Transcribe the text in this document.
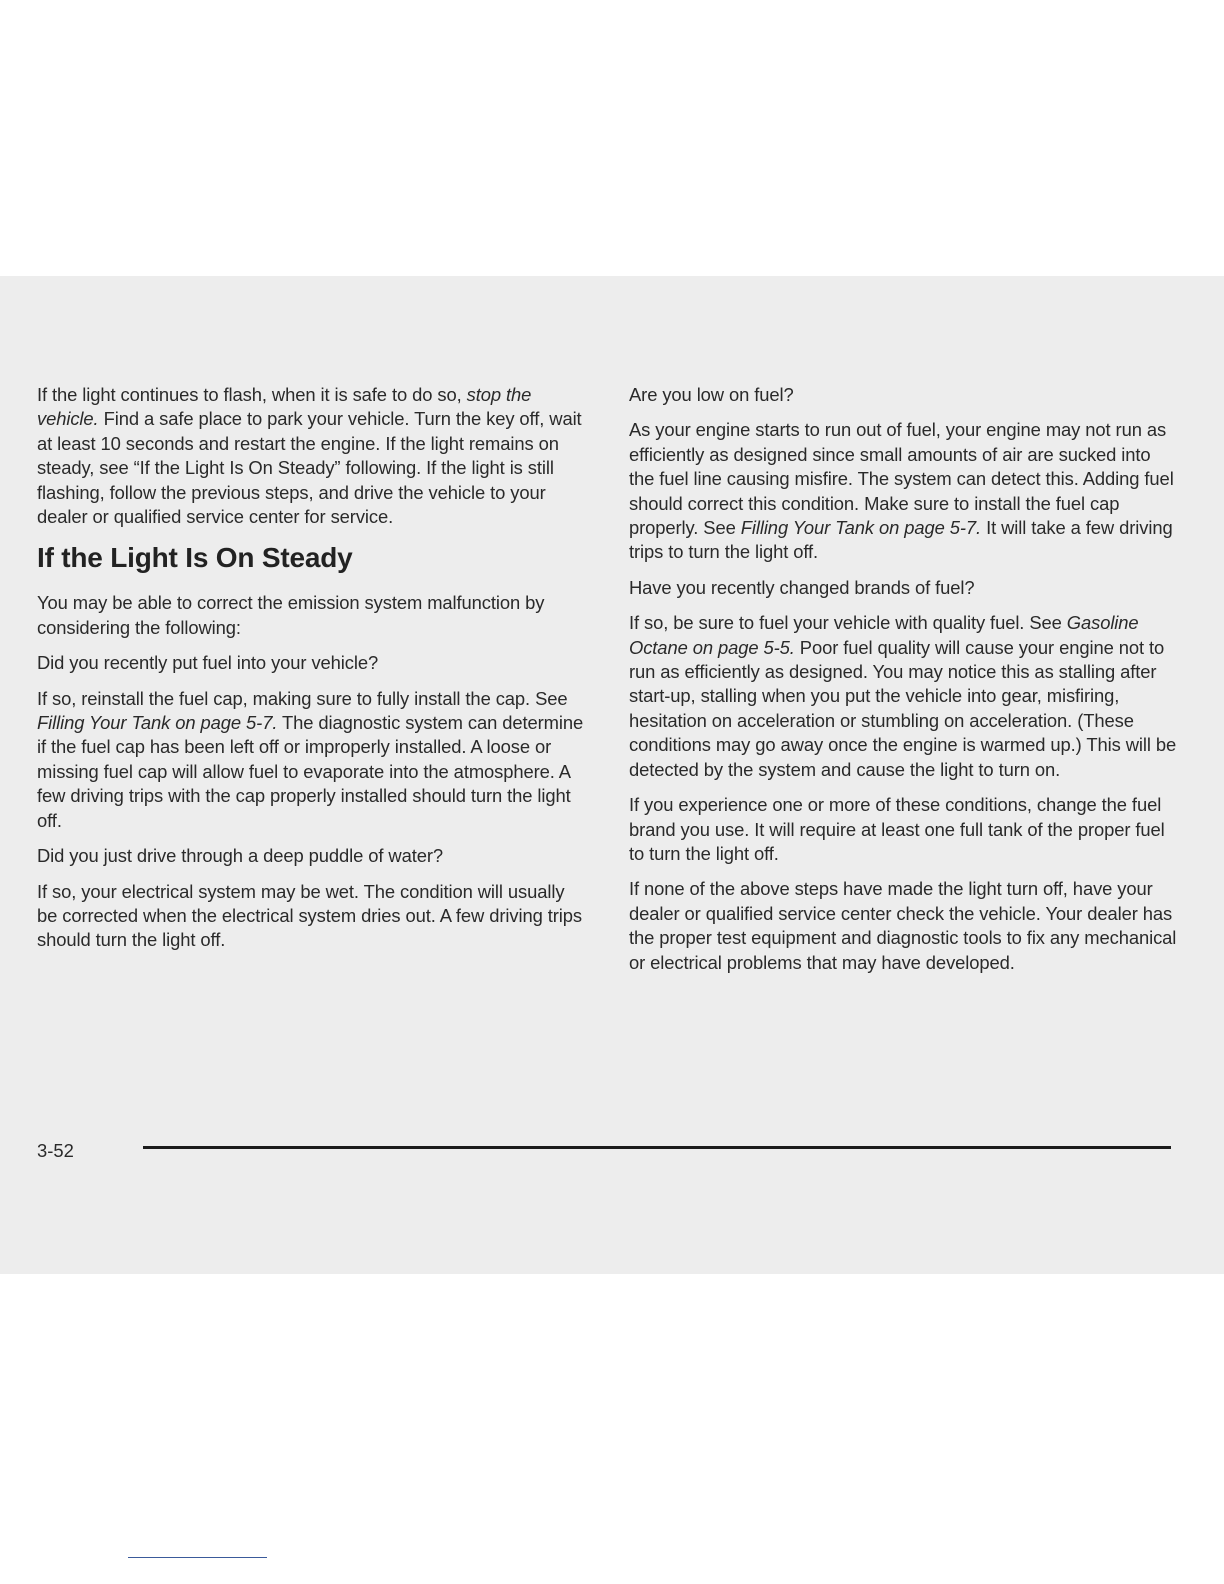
If the light continues to flash, when it is safe to do so, stop the vehicle. Find a safe place to park your vehicle. Turn the key off, wait at least 10 seconds and restart the engine. If the light remains on steady, see “If the Light Is On Steady” following. If the light is still flashing, follow the previous steps, and drive the vehicle to your dealer or qualified service center for service.

If the Light Is On Steady

You may be able to correct the emission system malfunction by considering the following:

Did you recently put fuel into your vehicle?

If so, reinstall the fuel cap, making sure to fully install the cap. See Filling Your Tank on page 5-7. The diagnostic system can determine if the fuel cap has been left off or improperly installed. A loose or missing fuel cap will allow fuel to evaporate into the atmosphere. A few driving trips with the cap properly installed should turn the light off.

Did you just drive through a deep puddle of water?

If so, your electrical system may be wet. The condition will usually be corrected when the electrical system dries out. A few driving trips should turn the light off.

Are you low on fuel?

As your engine starts to run out of fuel, your engine may not run as efficiently as designed since small amounts of air are sucked into the fuel line causing misfire. The system can detect this. Adding fuel should correct this condition. Make sure to install the fuel cap properly. See Filling Your Tank on page 5-7. It will take a few driving trips to turn the light off.

Have you recently changed brands of fuel?

If so, be sure to fuel your vehicle with quality fuel. See Gasoline Octane on page 5-5. Poor fuel quality will cause your engine not to run as efficiently as designed. You may notice this as stalling after start-up, stalling when you put the vehicle into gear, misfiring, hesitation on acceleration or stumbling on acceleration. (These conditions may go away once the engine is warmed up.) This will be detected by the system and cause the light to turn on.

If you experience one or more of these conditions, change the fuel brand you use. It will require at least one full tank of the proper fuel to turn the light off.

If none of the above steps have made the light turn off, have your dealer or qualified service center check the vehicle. Your dealer has the proper test equipment and diagnostic tools to fix any mechanical or electrical problems that may have developed.

3-52
